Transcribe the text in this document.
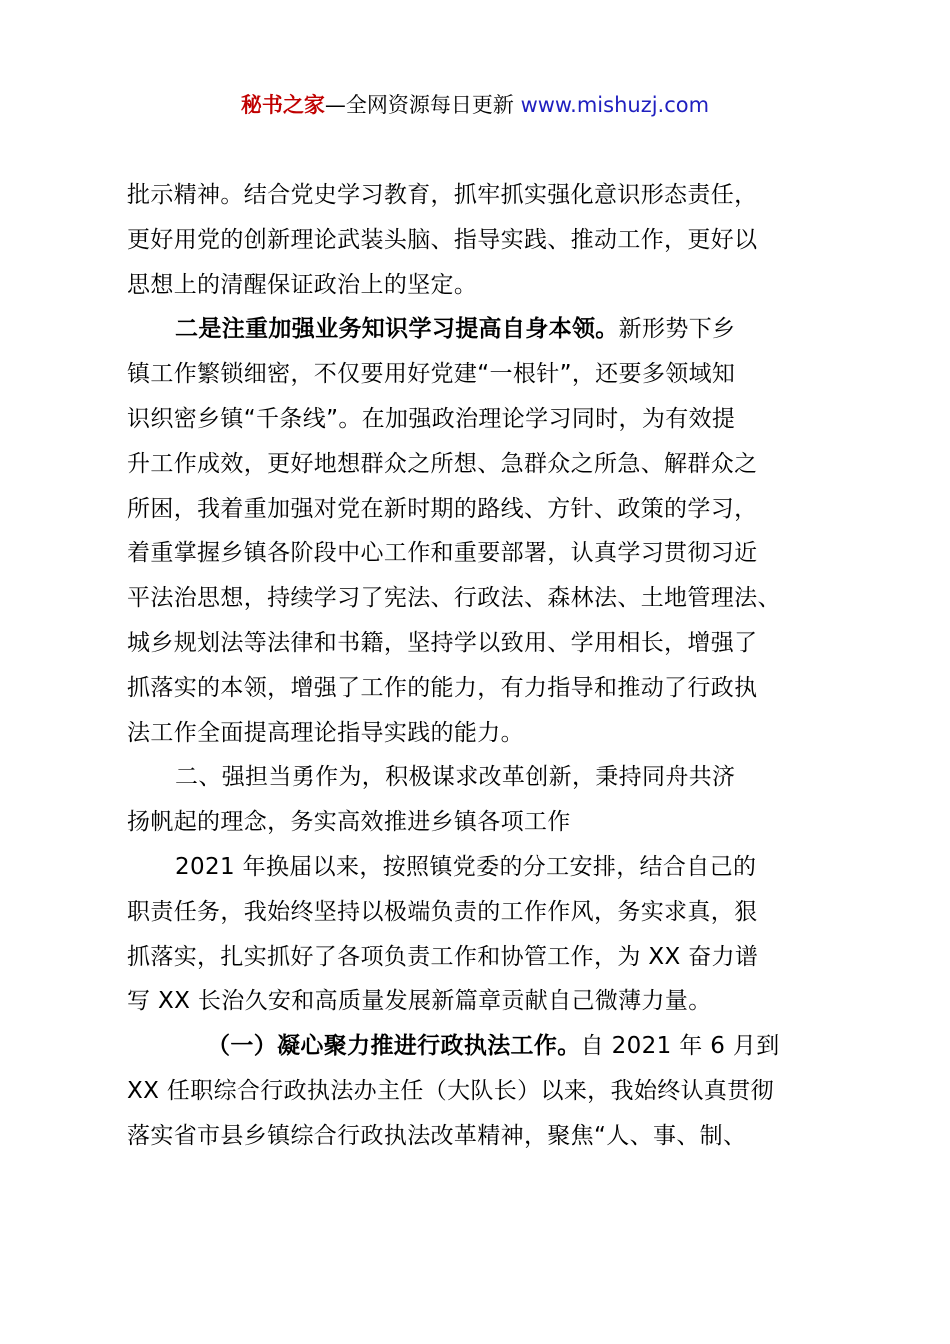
秘书之家—全网资源每日更新 www.mishuzj.com
批示精神。结合党史学习教育，抓牢抓实强化意识形态责任，
更好用党的创新理论武装头脑、指导实践、推动工作，更好以
思想上的清醒保证政治上的坚定。
二是注重加强业务知识学习提高自身本领。新形势下乡
镇工作繁锁细密，不仅要用好党建“一根针”，还要多领域知
识织密乡镇“千条线”。在加强政治理论学习同时，为有效提
升工作成效，更好地想群众之所想、急群众之所急、解群众之
所困，我着重加强对党在新时期的路线、方针、政策的学习，
着重掌握乡镇各阶段中心工作和重要部署，认真学习贯彻习近
平法治思想，持续学习了宪法、行政法、森林法、土地管理法、
城乡规划法等法律和书籍，坚持学以致用、学用相长，增强了
抓落实的本领，增强了工作的能力，有力指导和推动了行政执
法工作全面提高理论指导实践的能力。
二、强担当勇作为，积极谋求改革创新，秉持同舟共济
扬帆起的理念，务实高效推进乡镇各项工作
2021 年换届以来，按照镇党委的分工安排，结合自己的
职责任务，我始终坚持以极端负责的工作作风，务实求真，狠
抓落实，扎实抓好了各项负责工作和协管工作，为 XX 奋力谱
写 XX 长治久安和高质量发展新篇章贡献自己微薄力量。
（一）凝心聚力推进行政执法工作。自 2021 年 6 月到
XX 任职综合行政执法办主任（大队长）以来，我始终认真贯彻
落实省市县乡镇综合行政执法改革精神，聚焦“人、事、制、
